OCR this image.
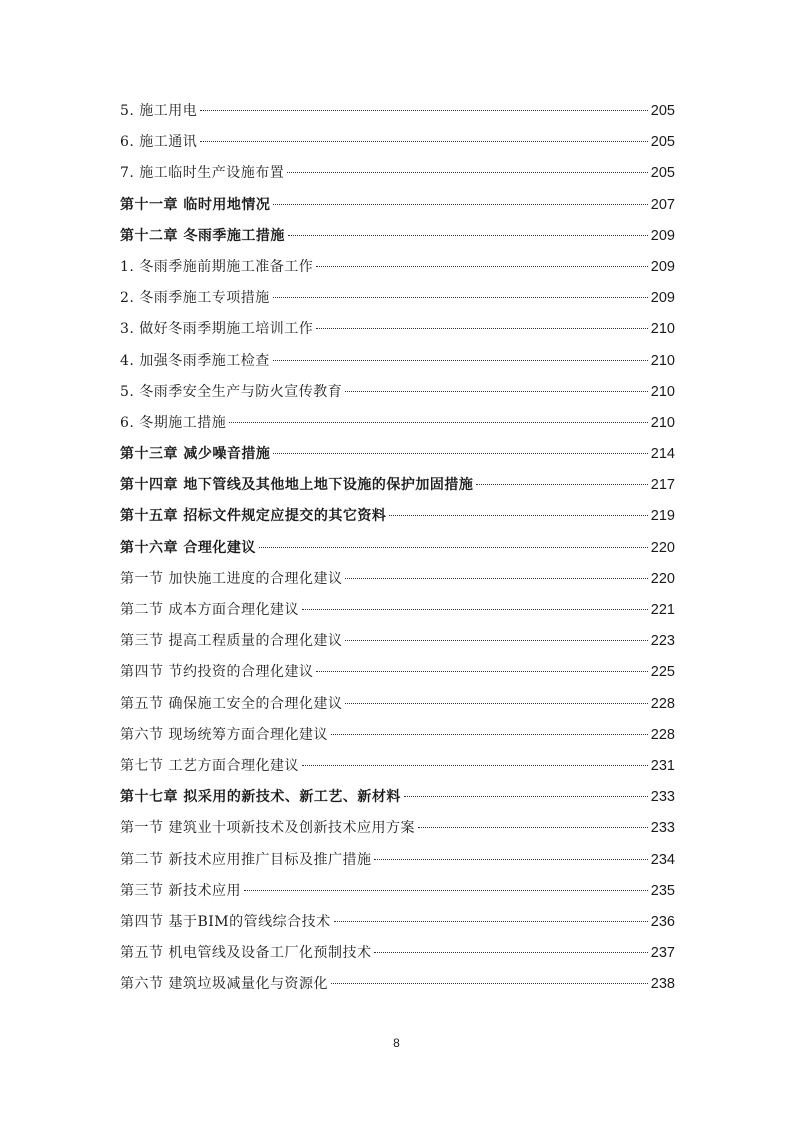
5. 施工用电	205
6. 施工通讯	205
7. 施工临时生产设施布置	205
第十一章 临时用地情况	207
第十二章 冬雨季施工措施	209
1. 冬雨季施前期施工准备工作	209
2. 冬雨季施工专项措施	209
3. 做好冬雨季期施工培训工作	210
4. 加强冬雨季施工检查	210
5. 冬雨季安全生产与防火宣传教育	210
6. 冬期施工措施	210
第十三章 减少噪音措施	214
第十四章 地下管线及其他地上地下设施的保护加固措施	217
第十五章 招标文件规定应提交的其它资料	219
第十六章 合理化建议	220
第一节 加快施工进度的合理化建议	220
第二节 成本方面合理化建议	221
第三节 提高工程质量的合理化建议	223
第四节 节约投资的合理化建议	225
第五节 确保施工安全的合理化建议	228
第六节 现场统筹方面合理化建议	228
第七节 工艺方面合理化建议	231
第十七章 拟采用的新技术、新工艺、新材料	233
第一节 建筑业十项新技术及创新技术应用方案	233
第二节 新技术应用推广目标及推广措施	234
第三节 新技术应用	235
第四节 基于BIM的管线综合技术	236
第五节 机电管线及设备工厂化预制技术	237
第六节 建筑垃圾减量化与资源化	238
8
